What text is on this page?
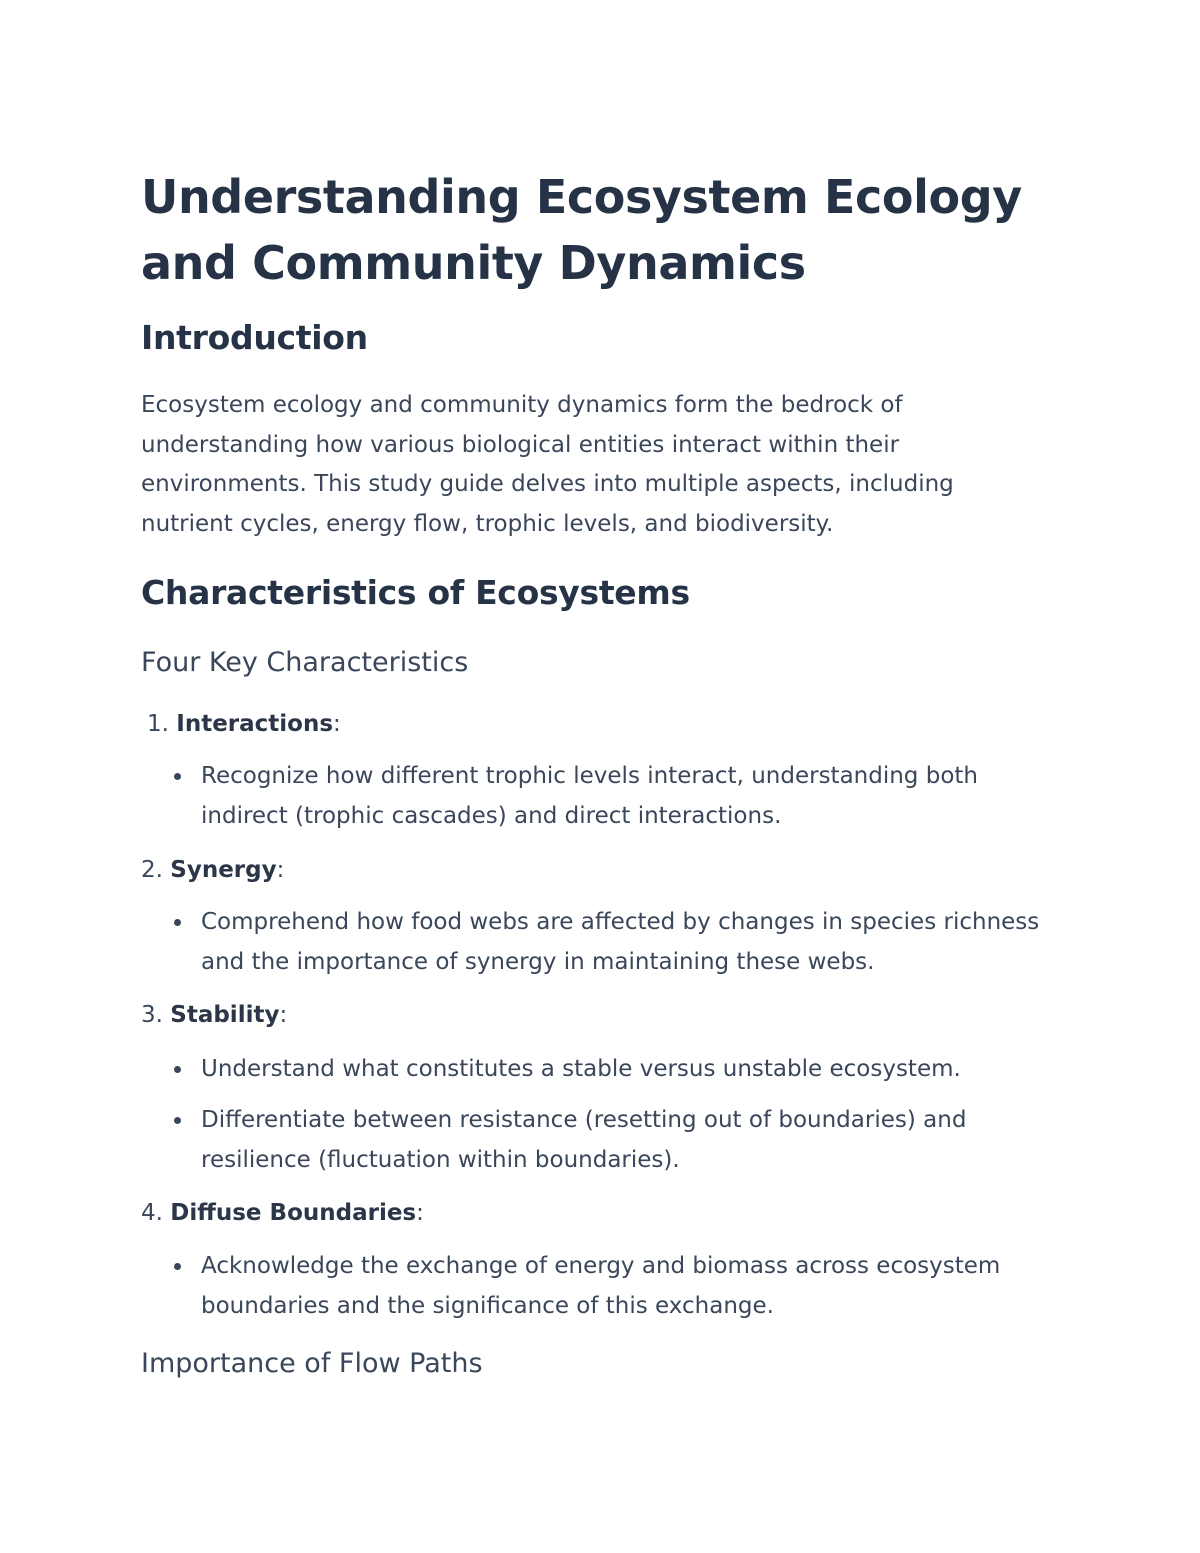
Understanding Ecosystem Ecology and Community Dynamics
Introduction

Ecosystem ecology and community dynamics form the bedrock of understanding how various biological entities interact within their environments. This study guide delves into multiple aspects, including nutrient cycles, energy flow, trophic levels, and biodiversity.

Characteristics of Ecosystems
Four Key Characteristics

1. Interactions:

Recognize how different trophic levels interact, understanding both indirect (trophic cascades) and direct interactions.

2. Synergy:

Comprehend how food webs are affected by changes in species richness and the importance of synergy in maintaining these webs.

3. Stability:

Understand what constitutes a stable versus unstable ecosystem.

Differentiate between resistance (resetting out of boundaries) and resilience (fluctuation within boundaries).

4. Diffuse Boundaries:

Acknowledge the exchange of energy and biomass across ecosystem boundaries and the significance of this exchange.

Importance of Flow Paths
